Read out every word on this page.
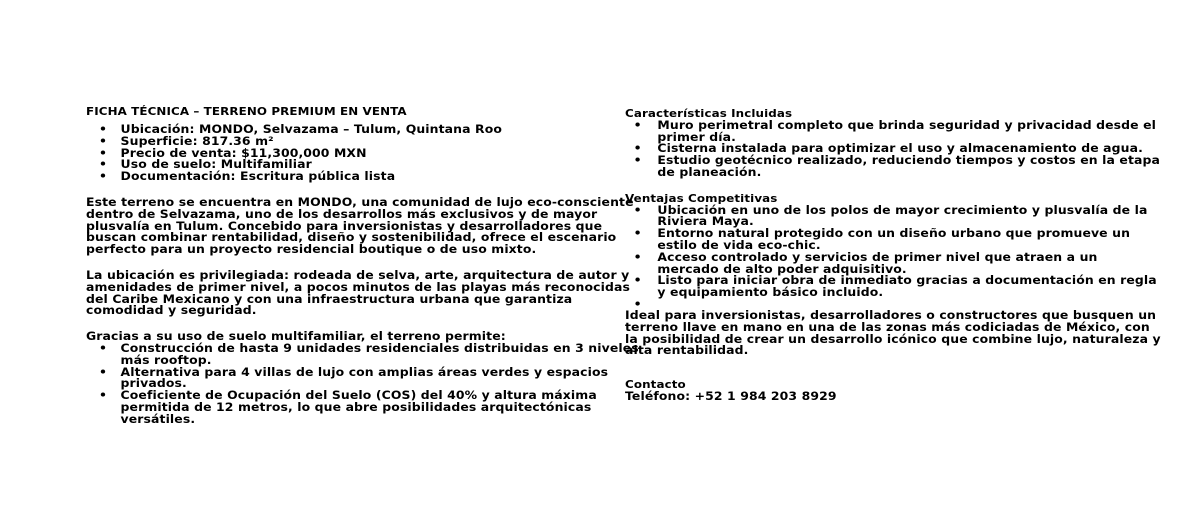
FICHA TÉCNICA – TERRENO PREMIUM EN VENTA

• Ubicación: MONDO, Selvazama – Tulum, Quintana Roo
• Superficie: 817.36 m²
• Precio de venta: $11,300,000 MXN
• Uso de suelo: Multifamiliar
• Documentación: Escritura pública lista

Este terreno se encuentra en MONDO, una comunidad de lujo eco-consciente dentro de Selvazama, uno de los desarrollos más exclusivos y de mayor plusvalía en Tulum. Concebido para inversionistas y desarrolladores que buscan combinar rentabilidad, diseño y sostenibilidad, ofrece el escenario perfecto para un proyecto residencial boutique o de uso mixto.

La ubicación es privilegiada: rodeada de selva, arte, arquitectura de autor y amenidades de primer nivel, a pocos minutos de las playas más reconocidas del Caribe Mexicano y con una infraestructura urbana que garantiza comodidad y seguridad.

Gracias a su uso de suelo multifamiliar, el terreno permite:

• Construcción de hasta 9 unidades residenciales distribuidas en 3 niveles más rooftop.
• Alternativa para 4 villas de lujo con amplias áreas verdes y espacios privados.
• Coeficiente de Ocupación del Suelo (COS) del 40% y altura máxima permitida de 12 metros, lo que abre posibilidades arquitectónicas versátiles.

Características Incluidas

• Muro perimetral completo que brinda seguridad y privacidad desde el primer día.
• Cisterna instalada para optimizar el uso y almacenamiento de agua.
• Estudio geotécnico realizado, reduciendo tiempos y costos en la etapa de planeación.

Ventajas Competitivas

• Ubicación en uno de los polos de mayor crecimiento y plusvalía de la Riviera Maya.
• Entorno natural protegido con un diseño urbano que promueve un estilo de vida eco-chic.
• Acceso controlado y servicios de primer nivel que atraen a un mercado de alto poder adquisitivo.
• Listo para iniciar obra de inmediato gracias a documentación en regla y equipamiento básico incluido.
•

Ideal para inversionistas, desarrolladores o constructores que busquen un terreno llave en mano en una de las zonas más codiciadas de México, con la posibilidad de crear un desarrollo icónico que combine lujo, naturaleza y alta rentabilidad.

Contacto

Teléfono: +52 1 984 203 8929
